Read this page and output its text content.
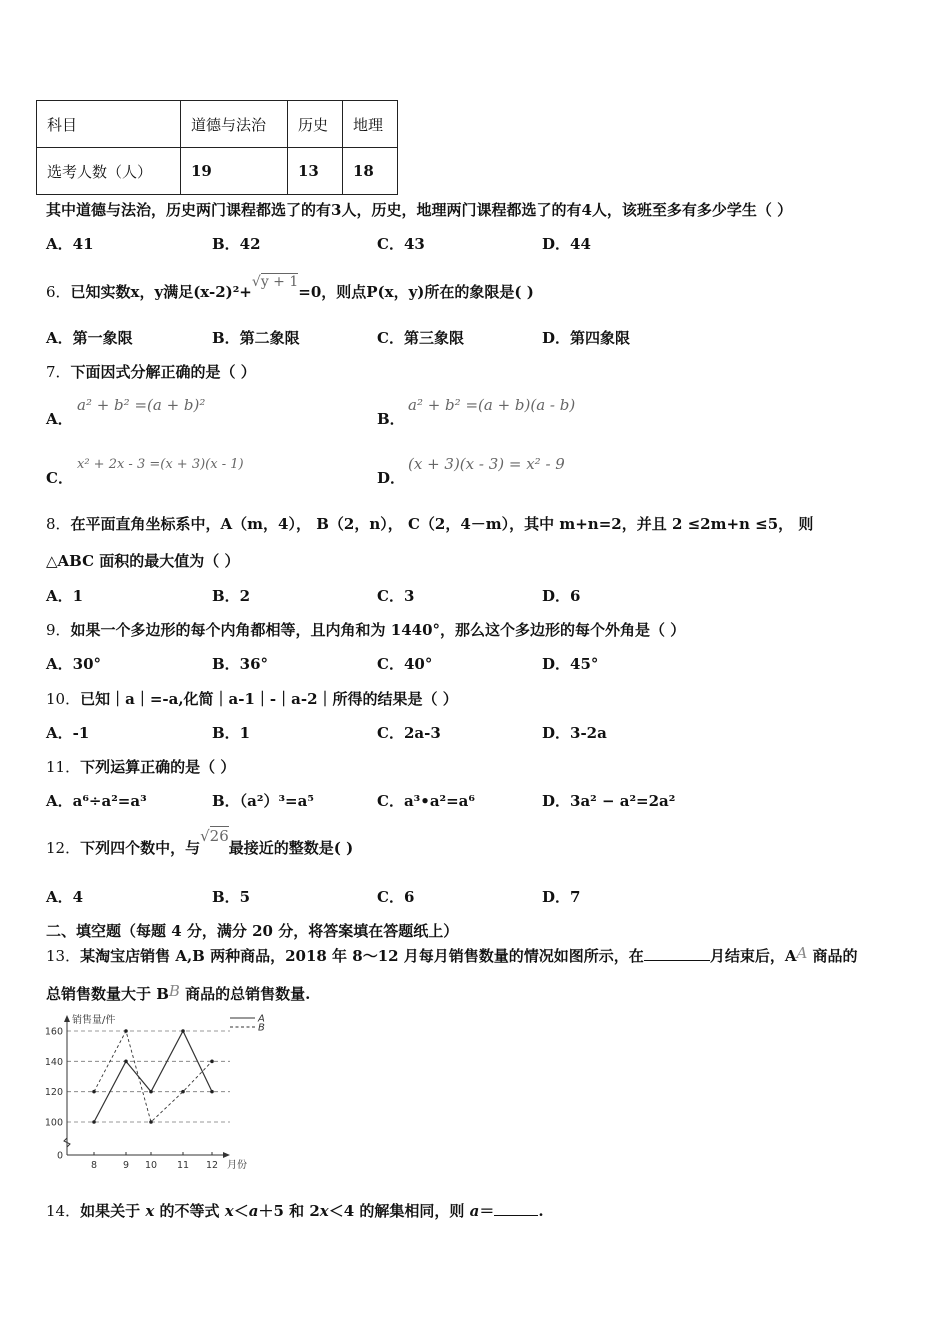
科目	道德与法治	历史	地理
选考人数（人）	19	13	18
其中道德与法治，历史两门课程都选了的有3人，历史，地理两门课程都选了的有4人，该班至多有多少学生（ ）
A．41	B．42	C．43	D．44
6．已知实数x，y满足(x-2)²+√y + 1=0，则点P(x，y)所在的象限是( )
A．第一象限	B．第二象限	C．第三象限	D．第四象限
7．下面因式分解正确的是（ ）
A．
a² + b² =(a + b)²
B．
a² + b² =(a + b)(a - b)
C．
x² + 2x - 3 =(x + 3)(x - 1)
D．
(x + 3)(x - 3) = x² - 9
8．在平面直角坐标系中，A（m，4）， B（2，n）， C（2，4－m），其中 m+n=2，并且 2 ≤2m+n ≤5， 则
△ABC 面积的最大值为（ ）
A．1	B．2	C．3	D．6
9．如果一个多边形的每个内角都相等，且内角和为 1440°，那么这个多边形的每个外角是（ ）
A．30°	B．36°	C．40°	D．45°
10．已知｜a｜=-a,化简｜a-1｜-｜a-2｜所得的结果是（ ）
A．-1	B．1	C．2a-3	D．3-2a
11．下列运算正确的是（ ）
A．a⁶÷a²=a³	B．（a²）³=a⁵	C．a³•a²=a⁶	D．3a² − a²=2a²
12．下列四个数中，与√26最接近的整数是( )
A．4	B．5	C．6	D．7
二、填空题（每题 4 分，满分 20 分，将答案填在答题纸上）
13．某淘宝店销售 A,B 两种商品，2018 年 8～12 月每月销售数量的情况如图所示，在	月结束后，AA 商品的
总销售数量大于 BB 商品的总销售数量.
0
100
120
140
160
8	9 10 11 12
销售量/件
月份
A
B
14．如果关于 x 的不等式 x＜a＋5 和 2x＜4 的解集相同，则 a＝	.
